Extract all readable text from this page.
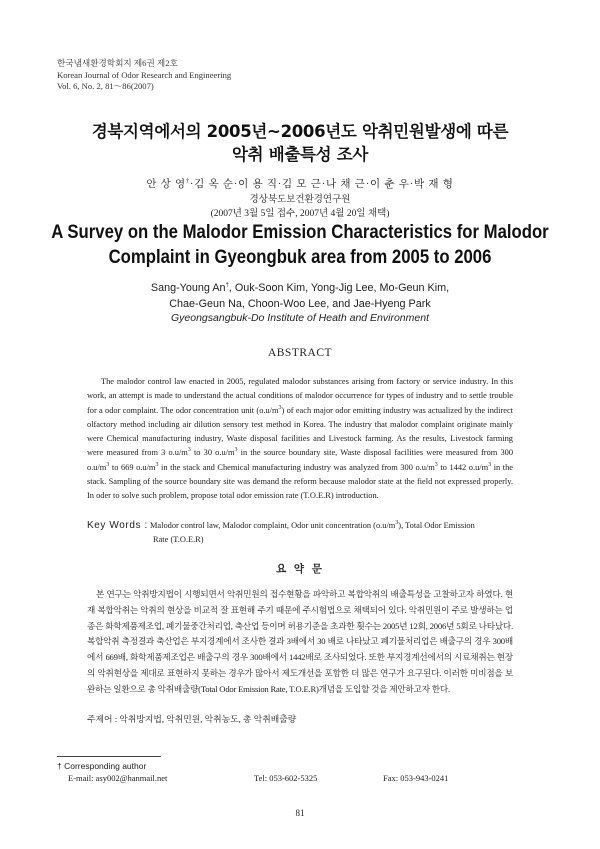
한국냄새환경학회지 제6권 제2호
Korean Journal of Odor Research and Engineering
Vol. 6, No. 2, 81～86(2007)
경북지역에서의 2005년~2006년도 악취민원발생에 따른
악취 배출특성 조사
안 상 영†·김 옥 순·이 용 직·김 모 근·나 채 근·이 춘 우·박 재 형
경상북도보건환경연구원
(2007년 3월 5일 접수, 2007년 4월 20일 채택)
A Survey on the Malodor Emission Characteristics for Malodor
Complaint in Gyeongbuk area from 2005 to 2006
Sang-Young An†, Ouk-Soon Kim, Yong-Jig Lee, Mo-Geun Kim,
Chae-Geun Na, Choon-Woo Lee, and Jae-Hyeng Park
Gyeongsangbuk-Do Institute of Heath and Environment
ABSTRACT
The malodor control law enacted in 2005, regulated malodor substances arising from factory or service industry. In this work, an attempt is made to understand the actual conditions of malodor occurrence for types of industry and to settle trouble for a odor complaint. The odor concentration unit $(o.u/m^3)$ of each major odor emitting industry was actualized by the indirect olfactory method including air dilution sensory test method in Korea. The industry that malodor complaint originate mainly were Chemical manufacturing industry, Waste disposal facilities and Livestock farming. As the results, Livestock farming were measured from 3 $o.u/m^3$ to 30 $o.u/m^3$ in the source boundary site, Waste disposal facilities were measured from 300 $o.u/m^3$ to 669 $o.u/m^3$ in the stack and Chemical manufacturing industry was analyzed from 300 $o.u/m^3$ to 1442 $o.u/m^3$ in the stack. Sampling of the source boundary site was demand the reform because malodor state at the field not expressed properly. In oder to solve such problem, propose total odor emission rate (T.O.E.R) introduction.
Key Words : Malodor control law, Malodor complaint, Odor unit concentration $(o.u/m^3)$, Total Odor Emission
Rate (T.O.E.R)
요 약 문
본 연구는 악취방지법이 시행되면서 악취민원의 접수현황을 파악하고 복합악취의 배출특성을 고찰하고자 하였다. 현재 복합악취는 악취의 현상을 비교적 잘 표현해 주기 때문에 주시험법으로 채택되어 있다. 악취민원이 주로 발생하는 업종은 화학제품제조업, 폐기물중간처리업, 축산업 등이며 허용기준을 초과한 횟수는 2005년 12회, 2006년 5회로 나타났다. 복합악취 측정결과 축산업은 부지경계에서 조사한 결과 3배에서 30 배로 나타났고 폐기물처리업은 배출구의 경우 300배에서 669배, 화학제품제조업은 배출구의 경우 300배에서 1442배로 조사되었다. 또한 부지경계선에서의 시료채취는 현장의 악취현상을 제대로 표현하지 못하는 경우가 많아서 제도개선을 포함한 더 많은 연구가 요구된다. 이러한 미비점을 보완하는 일환으로 총 악취배출량(Total Odor Emission Rate, T.O.E.R)개념을 도입할 것을 제안하고자 한다.
주제어 : 악취방지법, 악취민원, 악취농도, 총 악취배출량
† Corresponding author
E-mail: asy002@hanmail.net	Tel: 053-602-5325	Fax: 053-943-0241
81
